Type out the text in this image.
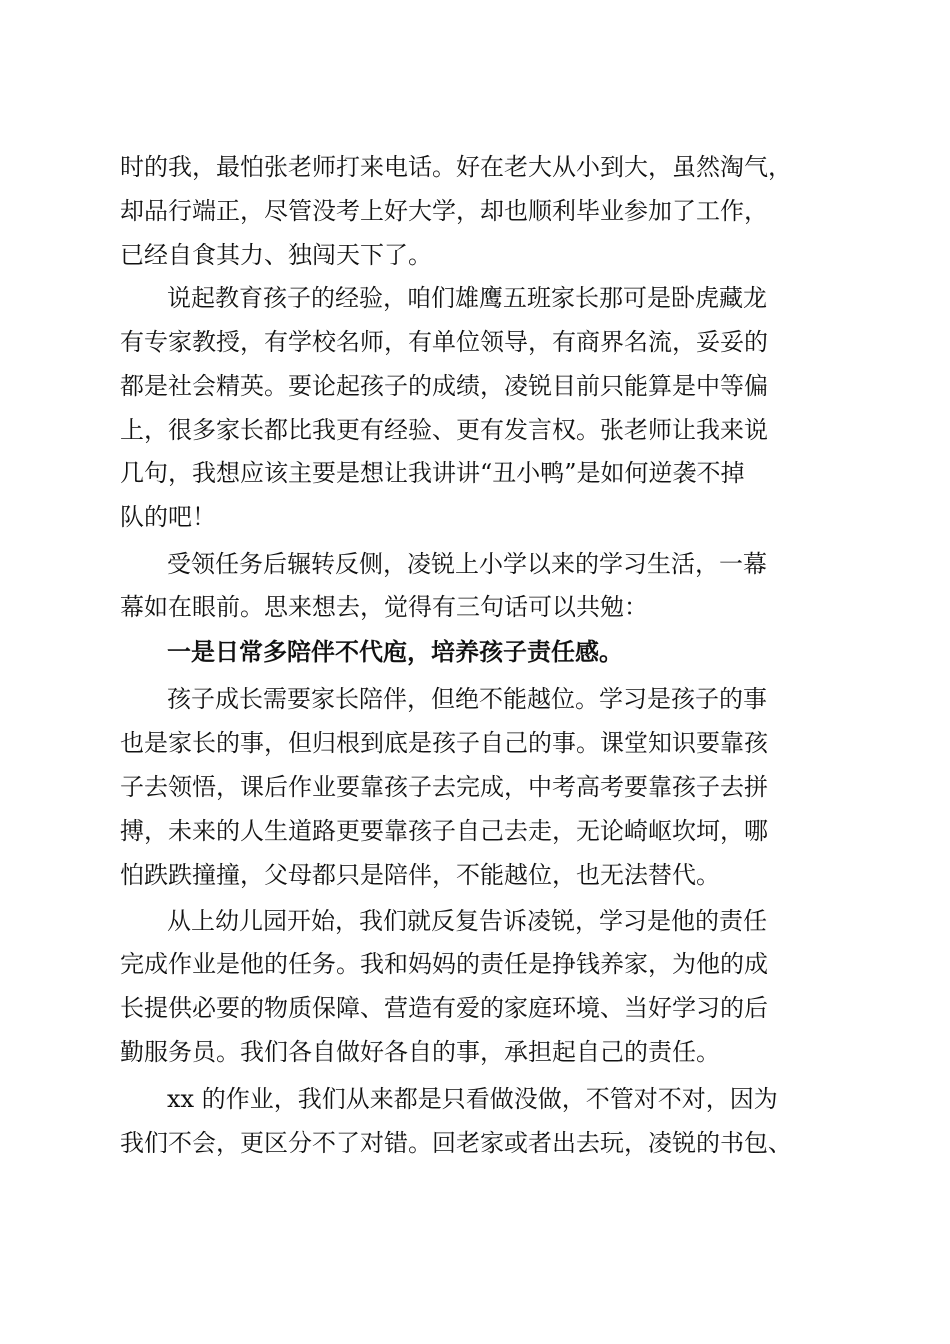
时的我，最怕张老师打来电话。好在老大从小到大，虽然淘气，
却品行端正，尽管没考上好大学，却也顺利毕业参加了工作，
已经自食其力、独闯天下了。
说起教育孩子的经验，咱们雄鹰五班家长那可是卧虎藏龙
有专家教授，有学校名师，有单位领导，有商界名流，妥妥的
都是社会精英。要论起孩子的成绩，凌锐目前只能算是中等偏
上，很多家长都比我更有经验、更有发言权。张老师让我来说
几句，我想应该主要是想让我讲讲“丑小鸭”是如何逆袭不掉
队的吧！
受领任务后辗转反侧，凌锐上小学以来的学习生活，一幕
幕如在眼前。思来想去，觉得有三句话可以共勉：
一是日常多陪伴不代庖，培养孩子责任感。
孩子成长需要家长陪伴，但绝不能越位。学习是孩子的事
也是家长的事，但归根到底是孩子自己的事。课堂知识要靠孩
子去领悟，课后作业要靠孩子去完成，中考高考要靠孩子去拼
搏，未来的人生道路更要靠孩子自己去走，无论崎岖坎坷，哪
怕跌跌撞撞，父母都只是陪伴，不能越位，也无法替代。
从上幼儿园开始，我们就反复告诉凌锐，学习是他的责任
完成作业是他的任务。我和妈妈的责任是挣钱养家，为他的成
长提供必要的物质保障、营造有爱的家庭环境、当好学习的后
勤服务员。我们各自做好各自的事，承担起自己的责任。
xx 的作业，我们从来都是只看做没做，不管对不对，因为
我们不会，更区分不了对错。回老家或者出去玩，凌锐的书包、
